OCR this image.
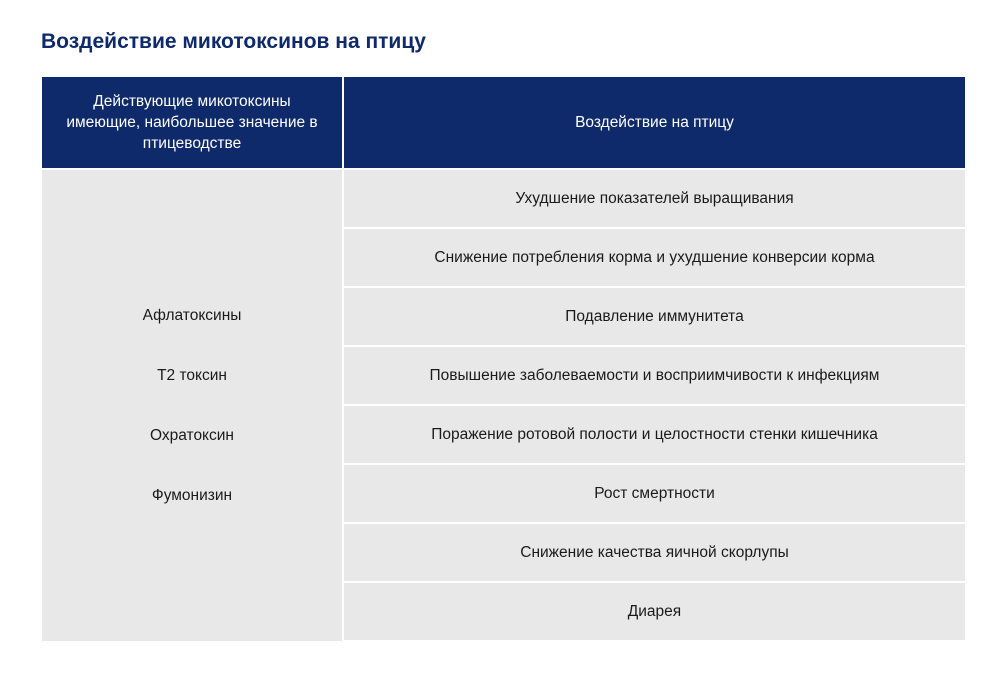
Воздействие микотоксинов на птицу
Действующие микотоксины имеющие, наибольшее значение в птицеводстве
Воздействие на птицу
Афлатоксины
Т2 токсин
Охратоксин
Фумонизин
Ухудшение показателей выращивания
Снижение потребления корма и ухудшение конверсии корма
Подавление иммунитета
Повышение заболеваемости и восприимчивости к инфекциям
Поражение ротовой полости и целостности стенки кишечника
Рост смертности
Снижение качества яичной скорлупы
Диарея
